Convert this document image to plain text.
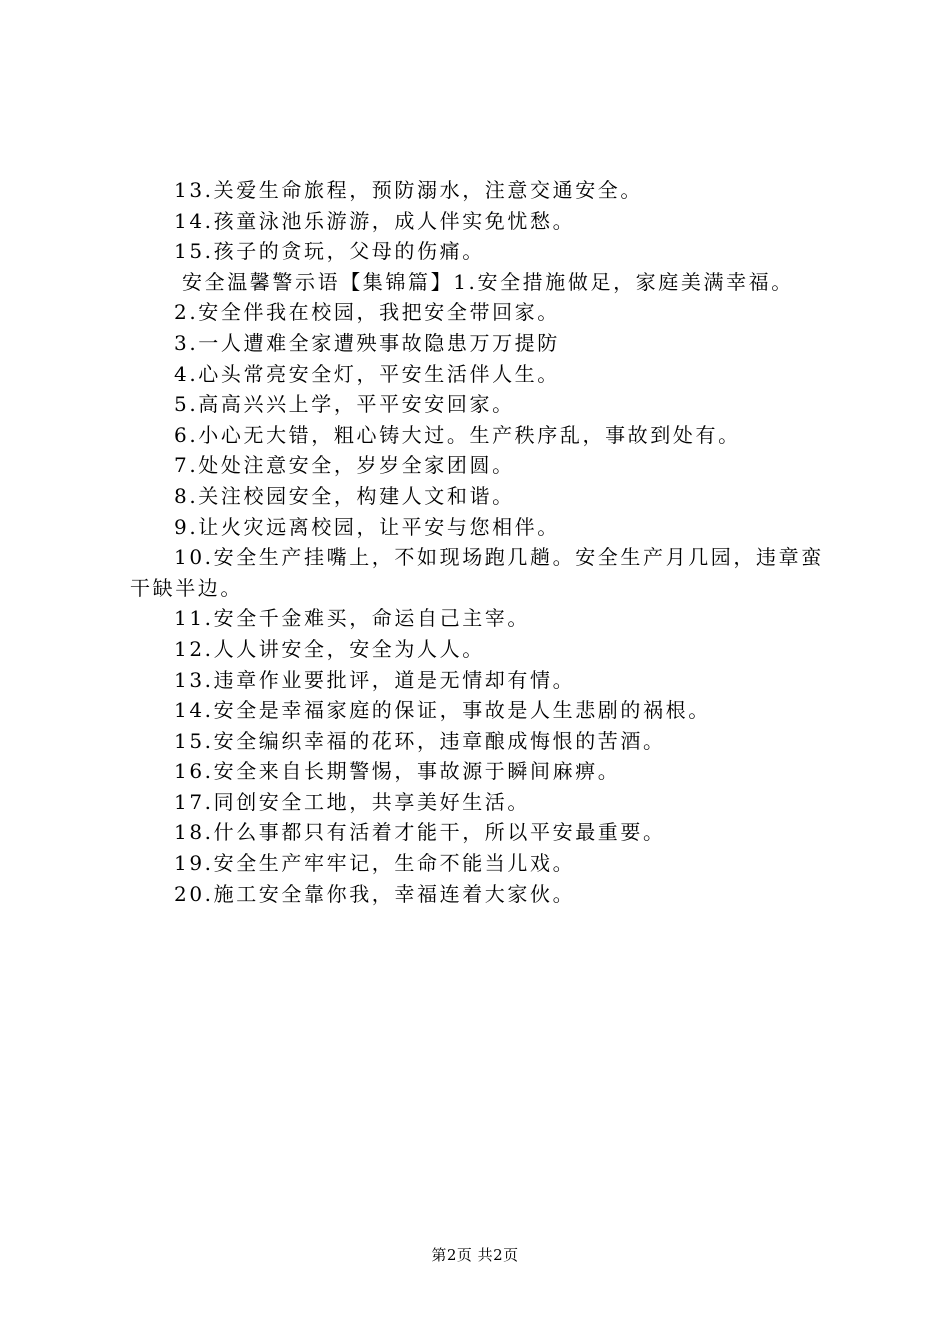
13.关爱生命旅程，预防溺水，注意交通安全。

14.孩童泳池乐游游，成人伴实免忧愁。

15.孩子的贪玩，父母的伤痛。

安全温馨警示语【集锦篇】1.安全措施做足，家庭美满幸福。

2.安全伴我在校园，我把安全带回家。

3.一人遭难全家遭殃事故隐患万万提防

4.心头常亮安全灯，平安生活伴人生。

5.高高兴兴上学，平平安安回家。

6.小心无大错，粗心铸大过。生产秩序乱，事故到处有。

7.处处注意安全，岁岁全家团圆。

8.关注校园安全，构建人文和谐。

9.让火灾远离校园，让平安与您相伴。

10.安全生产挂嘴上，不如现场跑几趟。安全生产月几园，违章蛮干缺半边。

11.安全千金难买，命运自己主宰。

12.人人讲安全，安全为人人。

13.违章作业要批评，道是无情却有情。

14.安全是幸福家庭的保证，事故是人生悲剧的祸根。

15.安全编织幸福的花环，违章酿成悔恨的苦酒。

16.安全来自长期警惕，事故源于瞬间麻痹。

17.同创安全工地，共享美好生活。

18.什么事都只有活着才能干，所以平安最重要。

19.安全生产牢牢记，生命不能当儿戏。

20.施工安全靠你我，幸福连着大家伙。

第2页 共2页
